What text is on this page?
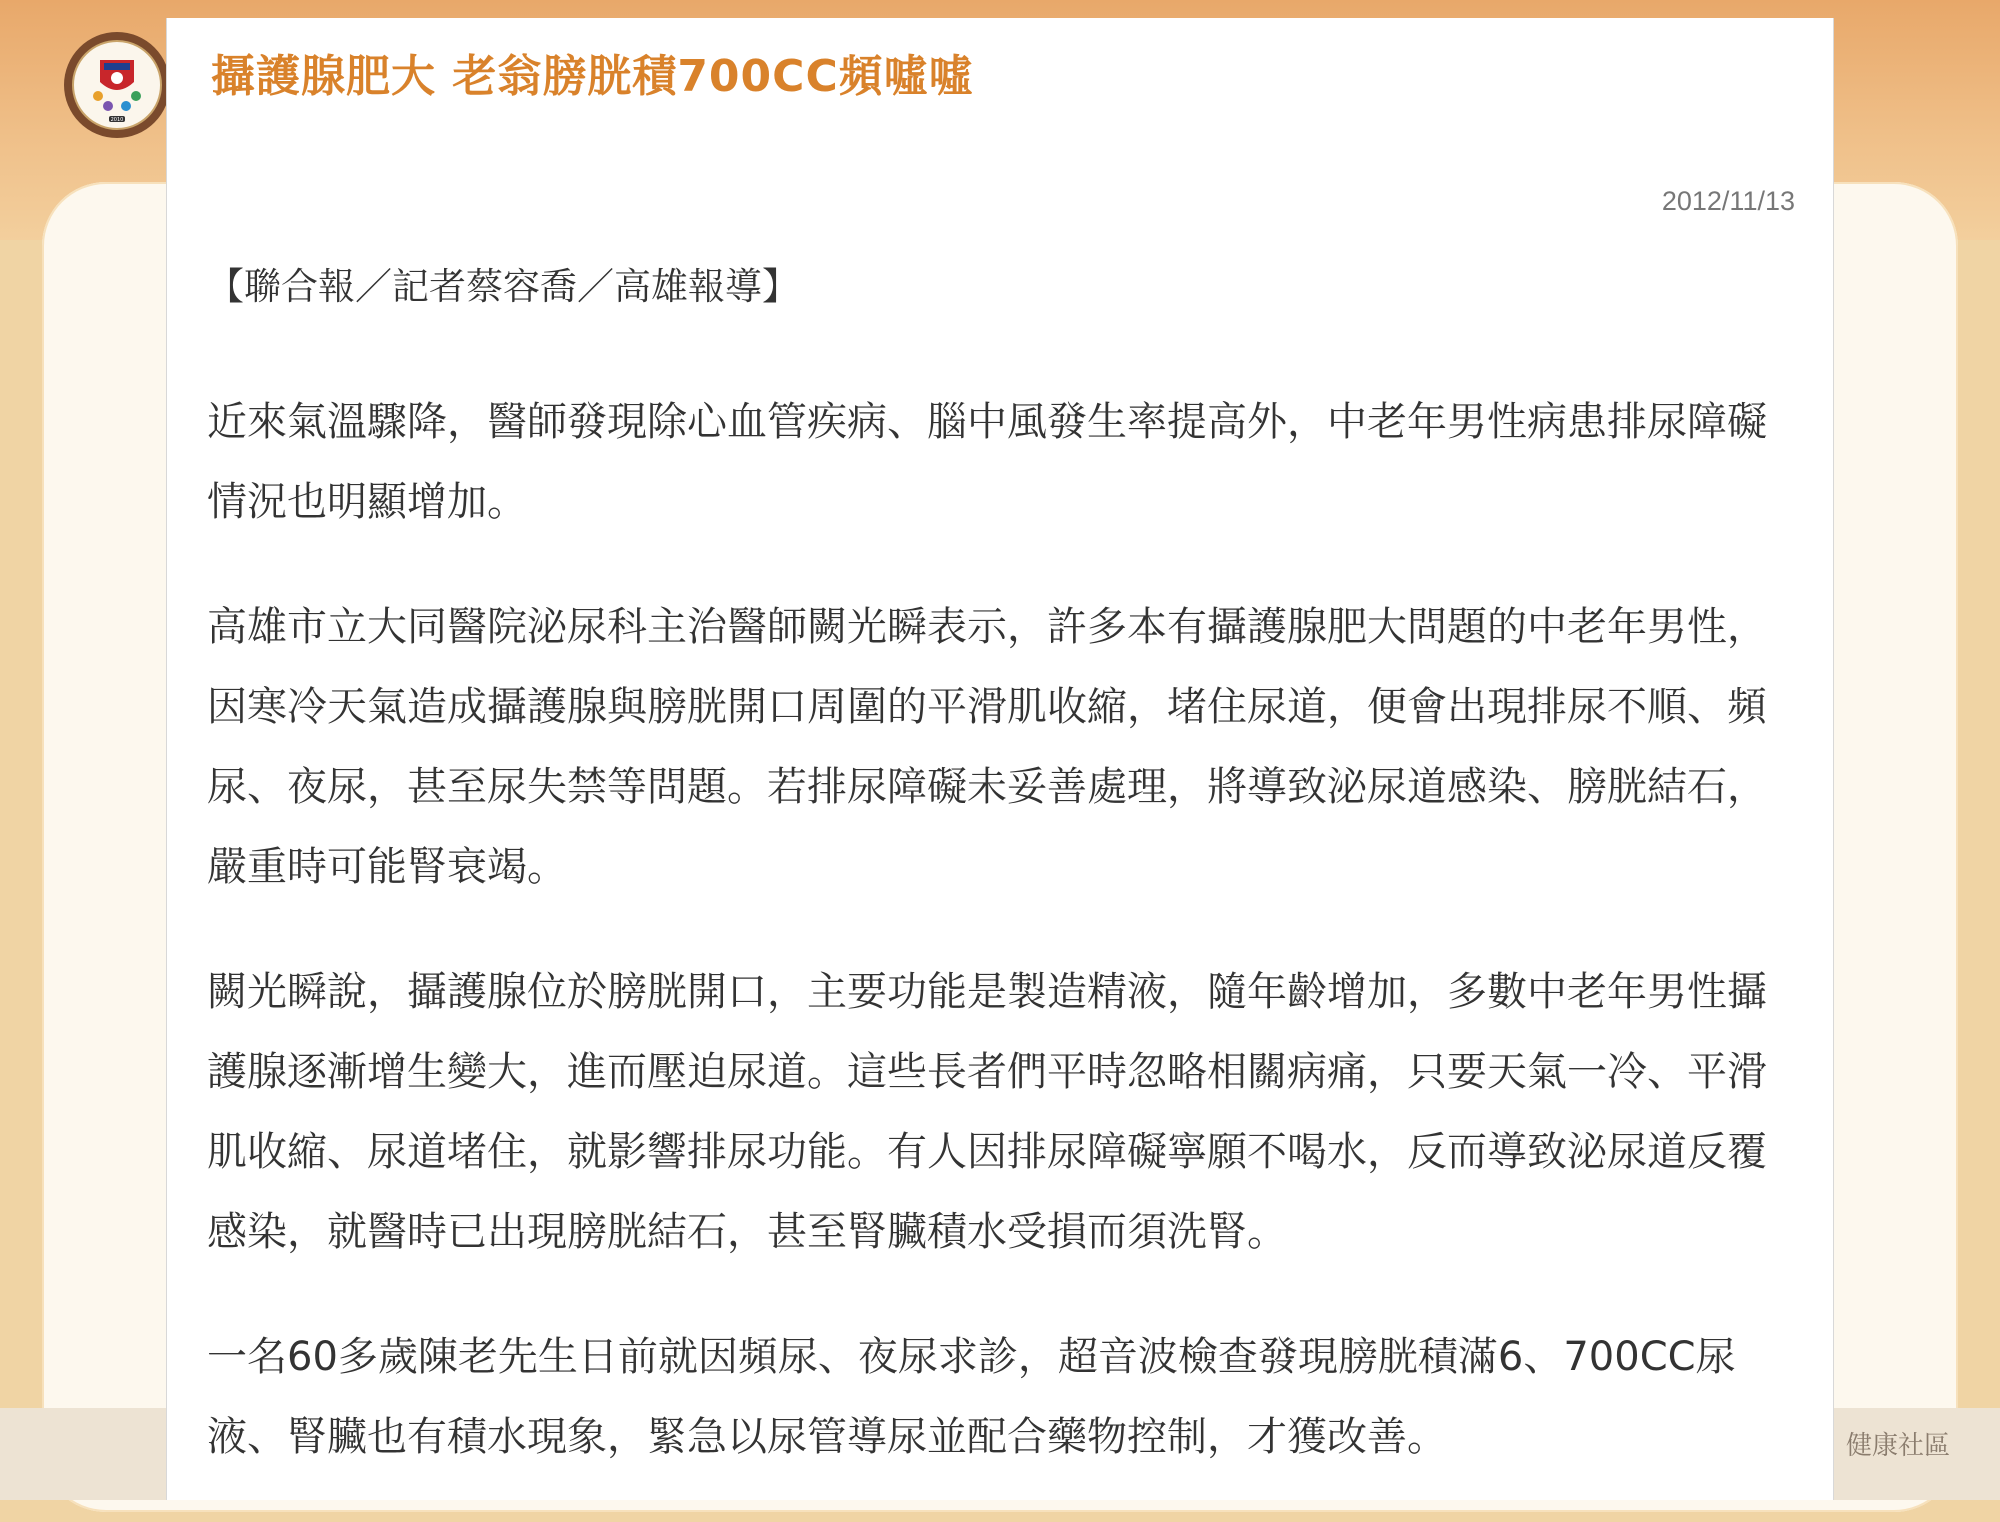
2010
攝護腺肥大 老翁膀胱積700CC頻噓噓
2012/11/13
【聯合報／記者蔡容喬／高雄報導】

近來氣溫驟降，醫師發現除心血管疾病、腦中風發生率提高外，中老年男性病患排尿障礙情況也明顯增加。

高雄市立大同醫院泌尿科主治醫師闕光瞬表示，許多本有攝護腺肥大問題的中老年男性，因寒冷天氣造成攝護腺與膀胱開口周圍的平滑肌收縮，堵住尿道，便會出現排尿不順、頻尿、夜尿，甚至尿失禁等問題。若排尿障礙未妥善處理，將導致泌尿道感染、膀胱結石，嚴重時可能腎衰竭。

闕光瞬說，攝護腺位於膀胱開口，主要功能是製造精液，隨年齡增加，多數中老年男性攝護腺逐漸增生變大，進而壓迫尿道。這些長者們平時忽略相關病痛，只要天氣一冷、平滑肌收縮、尿道堵住，就影響排尿功能。有人因排尿障礙寧願不喝水，反而導致泌尿道反覆感染，就醫時已出現膀胱結石，甚至腎臟積水受損而須洗腎。

一名60多歲陳老先生日前就因頻尿、夜尿求診，超音波檢查發現膀胱積滿6、700CC尿液、腎臟也有積水現象，緊急以尿管導尿並配合藥物控制，才獲改善。	健康社區
